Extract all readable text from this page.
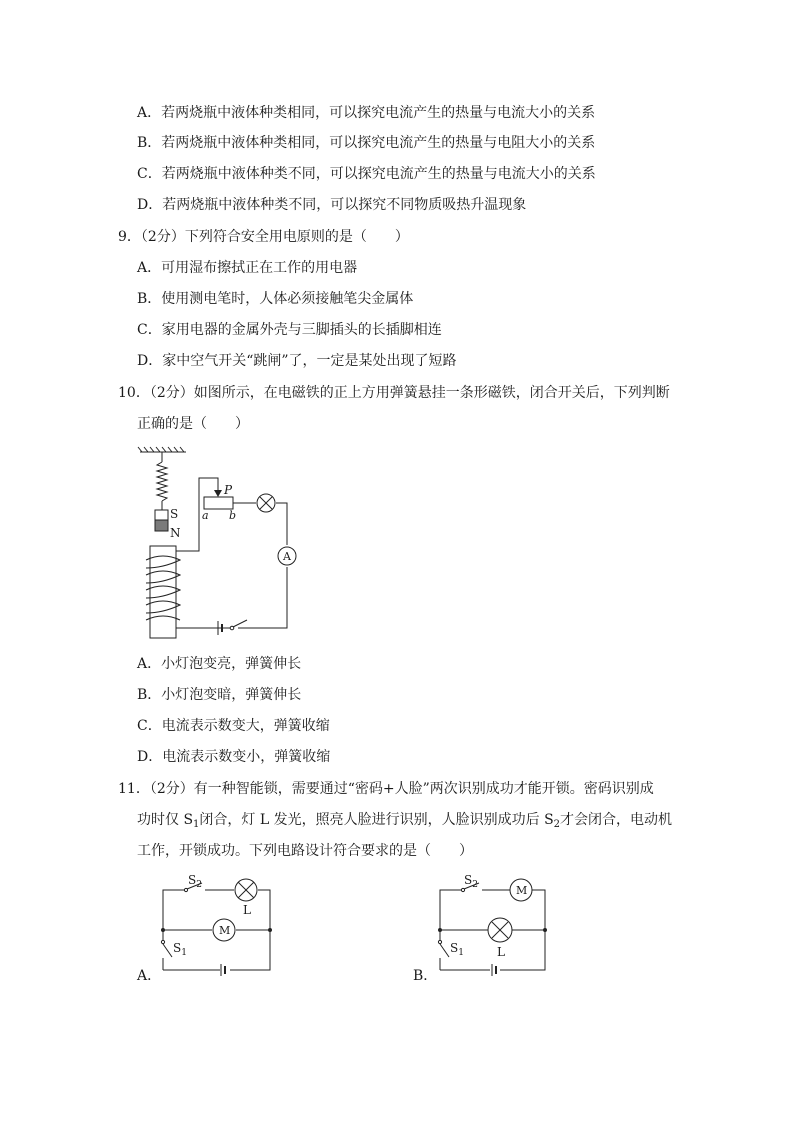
A．若两烧瓶中液体种类相同，可以探究电流产生的热量与电流大小的关系
B．若两烧瓶中液体种类相同，可以探究电流产生的热量与电阻大小的关系
C．若两烧瓶中液体种类不同，可以探究电流产生的热量与电流大小的关系
D．若两烧瓶中液体种类不同，可以探究不同物质吸热升温现象
9．（2分）下列符合安全用电原则的是（　　）
A．可用湿布擦拭正在工作的用电器
B．使用测电笔时，人体必须接触笔尖金属体
C．家用电器的金属外壳与三脚插头的长插脚相连
D．家中空气开关“跳闸”了，一定是某处出现了短路
10．（2分）如图所示，在电磁铁的正上方用弹簧悬挂一条形磁铁，闭合开关后，下列判断
正确的是（　　）
S
N
P
a b
A
A．小灯泡变亮，弹簧伸长
B．小灯泡变暗，弹簧伸长
C．电流表示数变大，弹簧收缩
D．电流表示数变小，弹簧收缩
11．（2分）有一种智能锁，需要通过“密码+人脸”两次识别成功才能开锁。密码识别成
功时仅 $S_1$闭合，灯 L 发光，照亮人脸进行识别，人脸识别成功后 $S_2$才会闭合，电动机
工作，开锁成功。下列电路设计符合要求的是（　　）
$S_2$
L
M
$S_1$
A．
$S_2$	M
$S_1$	L
B．
